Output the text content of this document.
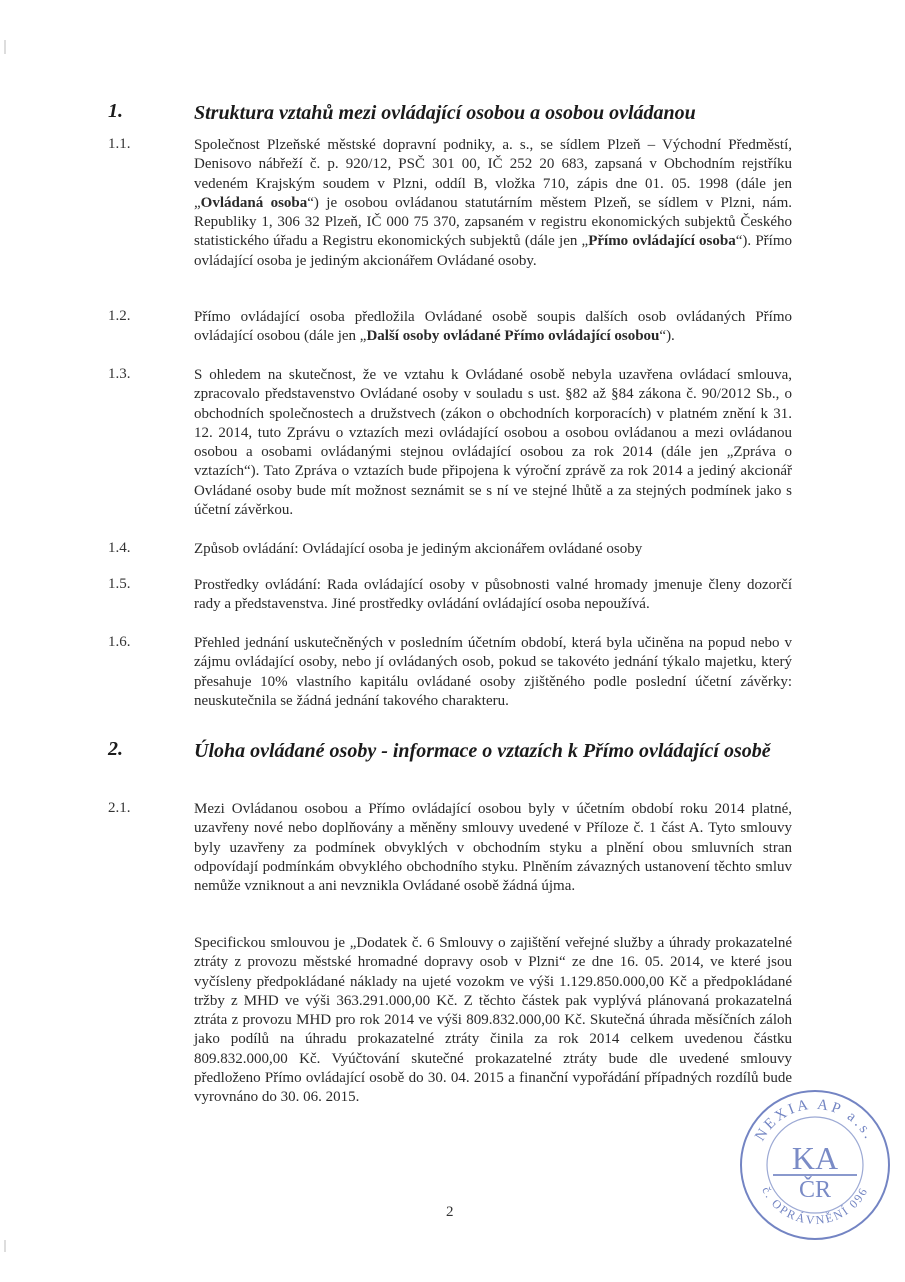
1.	Struktura vztahů mezi ovládající osobou a osobou ovládanou
1.1.	Společnost Plzeňské městské dopravní podniky, a. s., se sídlem Plzeň – Východní Předměstí, Denisovo nábřeží č. p. 920/12, PSČ 301 00, IČ 252 20 683, zapsaná v Obchodním rejstříku vedeném Krajským soudem v Plzni, oddíl B, vložka 710, zápis dne 01. 05. 1998 (dále jen „Ovládaná osoba“) je osobou ovládanou statutárním městem Plzeň, se sídlem v Plzni, nám. Republiky 1, 306 32 Plzeň, IČ 000 75 370, zapsaném v registru ekonomických subjektů Českého statistického úřadu a Registru ekonomických subjektů (dále jen „Přímo ovládající osoba“). Přímo ovládající osoba je jediným akcionářem Ovládané osoby.
1.2.	Přímo ovládající osoba předložila Ovládané osobě soupis dalších osob ovládaných Přímo ovládající osobou (dále jen „Další osoby ovládané Přímo ovládající osobou“).
1.3.	S ohledem na skutečnost, že ve vztahu k Ovládané osobě nebyla uzavřena ovládací smlouva, zpracovalo představenstvo Ovládané osoby v souladu s ust. §82 až §84 zákona č. 90/2012 Sb., o obchodních společnostech a družstvech (zákon o obchodních korporacích) v platném znění k 31. 12. 2014, tuto Zprávu o vztazích mezi ovládající osobou a osobou ovládanou a mezi ovládanou osobou a osobami ovládanými stejnou ovládající osobou za rok 2014 (dále jen „Zpráva o vztazích“). Tato Zpráva o vztazích bude připojena k výroční zprávě za rok 2014 a jediný akcionář Ovládané osoby bude mít možnost seznámit se s ní ve stejné lhůtě a za stejných podmínek jako s účetní závěrkou.
1.4.	Způsob ovládání: Ovládající osoba je jediným akcionářem ovládané osoby
1.5.	Prostředky ovládání: Rada ovládající osoby v působnosti valné hromady jmenuje členy dozorčí rady a představenstva. Jiné prostředky ovládání ovládající osoba nepoužívá.
1.6.	Přehled jednání uskutečněných v posledním účetním období, která byla učiněna na popud nebo v zájmu ovládající osoby, nebo jí ovládaných osob, pokud se takovéto jednání týkalo majetku, který přesahuje 10% vlastního kapitálu ovládané osoby zjištěného podle poslední účetní závěrky: neuskutečnila se žádná jednání takového charakteru.
2.	Úloha ovládané osoby - informace o vztazích k Přímo ovládající osobě
2.1.	Mezi Ovládanou osobou a Přímo ovládající osobou byly v účetním období roku 2014 platné, uzavřeny nové nebo doplňovány a měněny smlouvy uvedené v Příloze č. 1 část A. Tyto smlouvy byly uzavřeny za podmínek obvyklých v obchodním styku a plnění obou smluvních stran odpovídají podmínkám obvyklého obchodního styku. Plněním závazných ustanovení těchto smluv nemůže vzniknout a ani nevznikla Ovládané osobě žádná újma.
Specifickou smlouvou je „Dodatek č. 6 Smlouvy o zajištění veřejné služby a úhrady prokazatelné ztráty z provozu městské hromadné dopravy osob v Plzni“ ze dne 16. 05. 2014, ve které jsou vyčísleny předpokládané náklady na ujeté vozokm ve výši 1.129.850.000,00 Kč a předpokládané tržby z MHD ve výši 363.291.000,00 Kč. Z těchto částek pak vyplývá plánovaná prokazatelná ztráta z provozu MHD pro rok 2014 ve výši 809.832.000,00 Kč. Skutečná úhrada měsíčních záloh jako podílů na úhradu prokazatelné ztráty činila za rok 2014 celkem uvedenou částku 809.832.000,00 Kč. Vyúčtování skutečné prokazatelné ztráty bude dle uvedené smlouvy předloženo Přímo ovládající osobě do 30. 04. 2015 a finanční vypořádání případných rozdílů bude vyrovnáno do 30. 06. 2015.
2
NEXIA AP a.s.
č. OPRÁVNĚNÍ 096
KA
ČR
